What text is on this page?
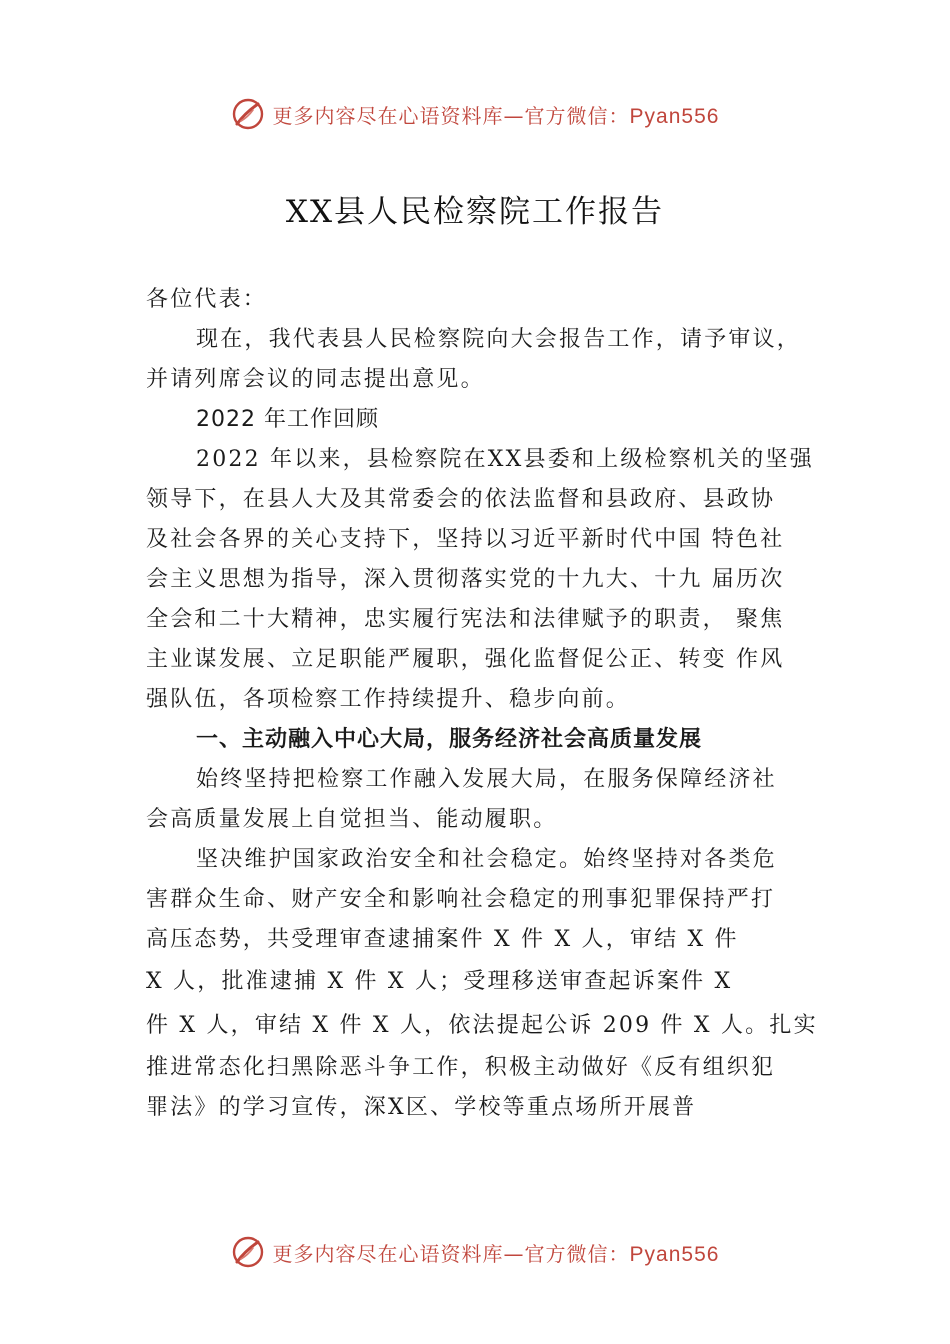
更多内容尽在心语资料库—官方微信：Pyan556
XX县人民检察院工作报告
各位代表：
现在，我代表县人民检察院向大会报告工作，请予审议，
并请列席会议的同志提出意见。
2022 年工作回顾
2022 年以来，县检察院在XX县委和上级检察机关的坚强
领导下，在县人大及其常委会的依法监督和县政府、县政协
及社会各界的关心支持下，坚持以习近平新时代中国 特色社
会主义思想为指导，深入贯彻落实党的十九大、十九 届历次
全会和二十大精神，忠实履行宪法和法律赋予的职责， 聚焦
主业谋发展、立足职能严履职，强化监督促公正、转变 作风
强队伍，各项检察工作持续提升、稳步向前。
一、主动融入中心大局，服务经济社会高质量发展
始终坚持把检察工作融入发展大局，在服务保障经济社
会高质量发展上自觉担当、能动履职。
坚决维护国家政治安全和社会稳定。始终坚持对各类危
害群众生命、财产安全和影响社会稳定的刑事犯罪保持严打
高压态势，共受理审查逮捕案件 X 件 X 人，审结 X 件
X 人，批准逮捕 X 件 X 人；受理移送审查起诉案件 X
件 X 人，审结 X 件 X 人，依法提起公诉 209 件 X 人。扎实
推进常态化扫黑除恶斗争工作，积极主动做好《反有组织犯
罪法》的学习宣传，深X区、学校等重点场所开展普
更多内容尽在心语资料库—官方微信：Pyan556
